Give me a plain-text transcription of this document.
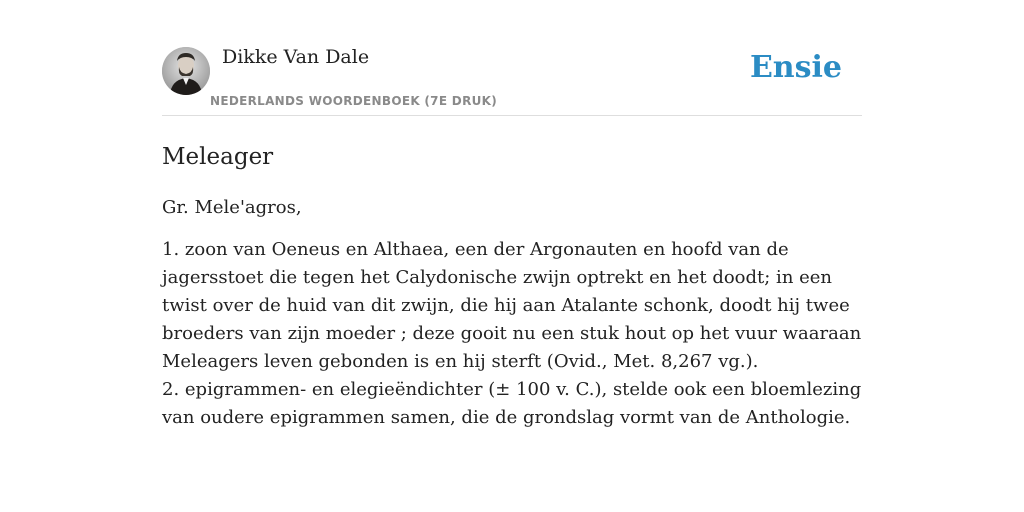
Dikke Van Dale
NEDERLANDS WOORDENBOEK (7E DRUK)
Ensie
Meleager

Gr. Mele'agros,

1. zoon van Oeneus en Althaea, een der Argonauten en hoofd van de jagersstoet die tegen het Calydonische zwijn optrekt en het doodt; in een twist over de huid van dit zwijn, die hij aan Atalante schonk, doodt hij twee broeders van zijn moeder ; deze gooit nu een stuk hout op het vuur waaraan Meleagers leven gebonden is en hij sterft (Ovid., Met. 8,267 vg.).
2. epigrammen- en elegieëndichter (± 100 v. C.), stelde ook een bloemlezing van oudere epigrammen samen, die de grondslag vormt van de Anthologie.
